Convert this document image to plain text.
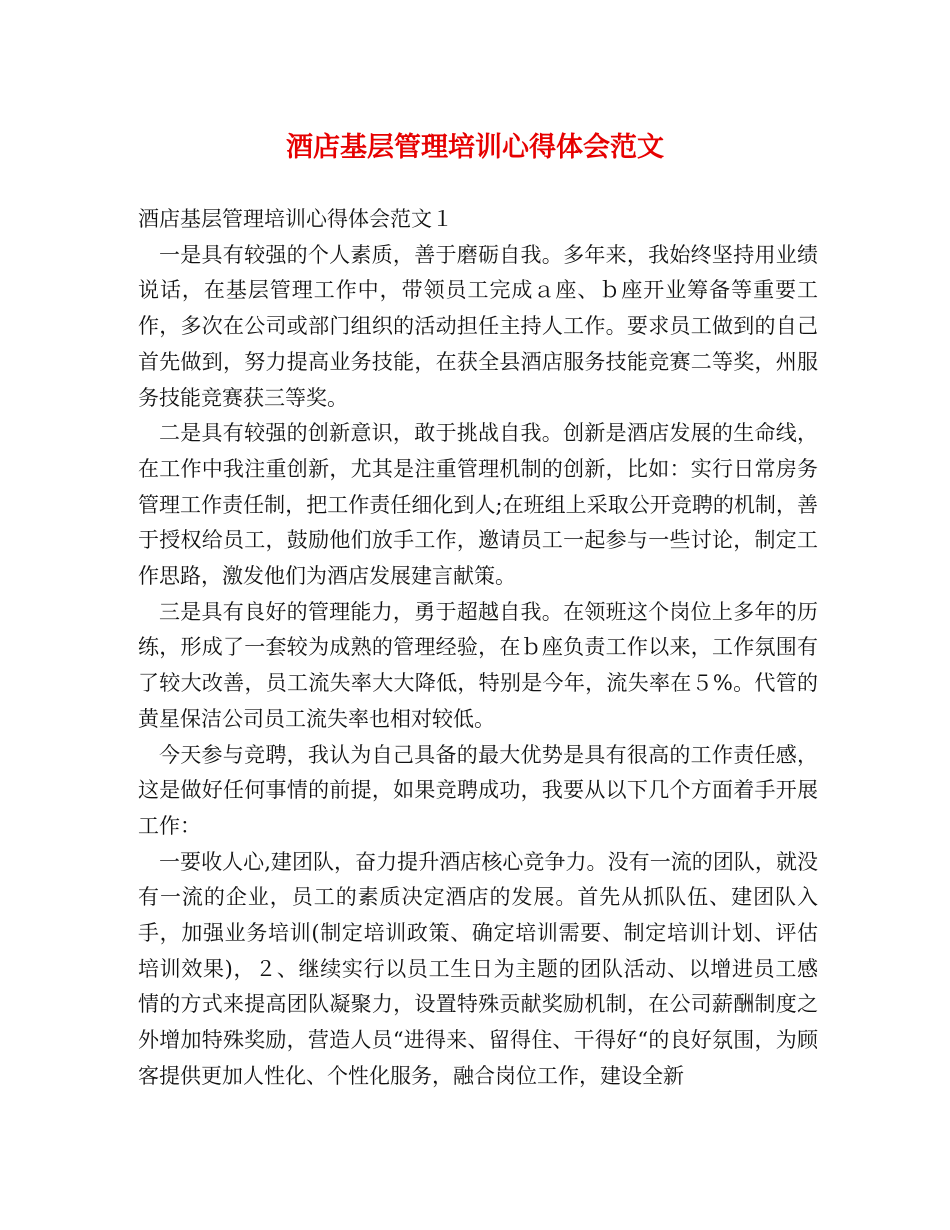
酒店基层管理培训心得体会范文

酒店基层管理培训心得体会范文１

一是具有较强的个人素质，善于磨砺自我。多年来，我始终坚持用业绩说话，在基层管理工作中，带领员工完成ａ座、ｂ座开业筹备等重要工作，多次在公司或部门组织的活动担任主持人工作。要求员工做到的自己首先做到，努力提高业务技能，在获全县酒店服务技能竞赛二等奖，州服务技能竞赛获三等奖。

二是具有较强的创新意识，敢于挑战自我。创新是酒店发展的生命线，在工作中我注重创新，尤其是注重管理机制的创新，比如：实行日常房务管理工作责任制，把工作责任细化到人;在班组上采取公开竞聘的机制，善于授权给员工，鼓励他们放手工作，邀请员工一起参与一些讨论，制定工作思路，激发他们为酒店发展建言献策。

三是具有良好的管理能力，勇于超越自我。在领班这个岗位上多年的历练，形成了一套较为成熟的管理经验，在ｂ座负责工作以来，工作氛围有了较大改善，员工流失率大大降低，特别是今年，流失率在５%。代管的黄星保洁公司员工流失率也相对较低。

今天参与竞聘，我认为自己具备的最大优势是具有很高的工作责任感，这是做好任何事情的前提，如果竞聘成功，我要从以下几个方面着手开展工作：

一要收人心,建团队，奋力提升酒店核心竞争力。没有一流的团队，就没有一流的企业，员工的素质决定酒店的发展。首先从抓队伍、建团队入手，加强业务培训(制定培训政策、确定培训需要、制定培训计划、评估培训效果)，２、继续实行以员工生日为主题的团队活动、以增进员工感情的方式来提高团队凝聚力，设置特殊贡献奖励机制，在公司薪酬制度之外增加特殊奖励，营造人员“进得来、留得住、干得好“的良好氛围，为顾客提供更加人性化、个性化服务，融合岗位工作，建设全新
